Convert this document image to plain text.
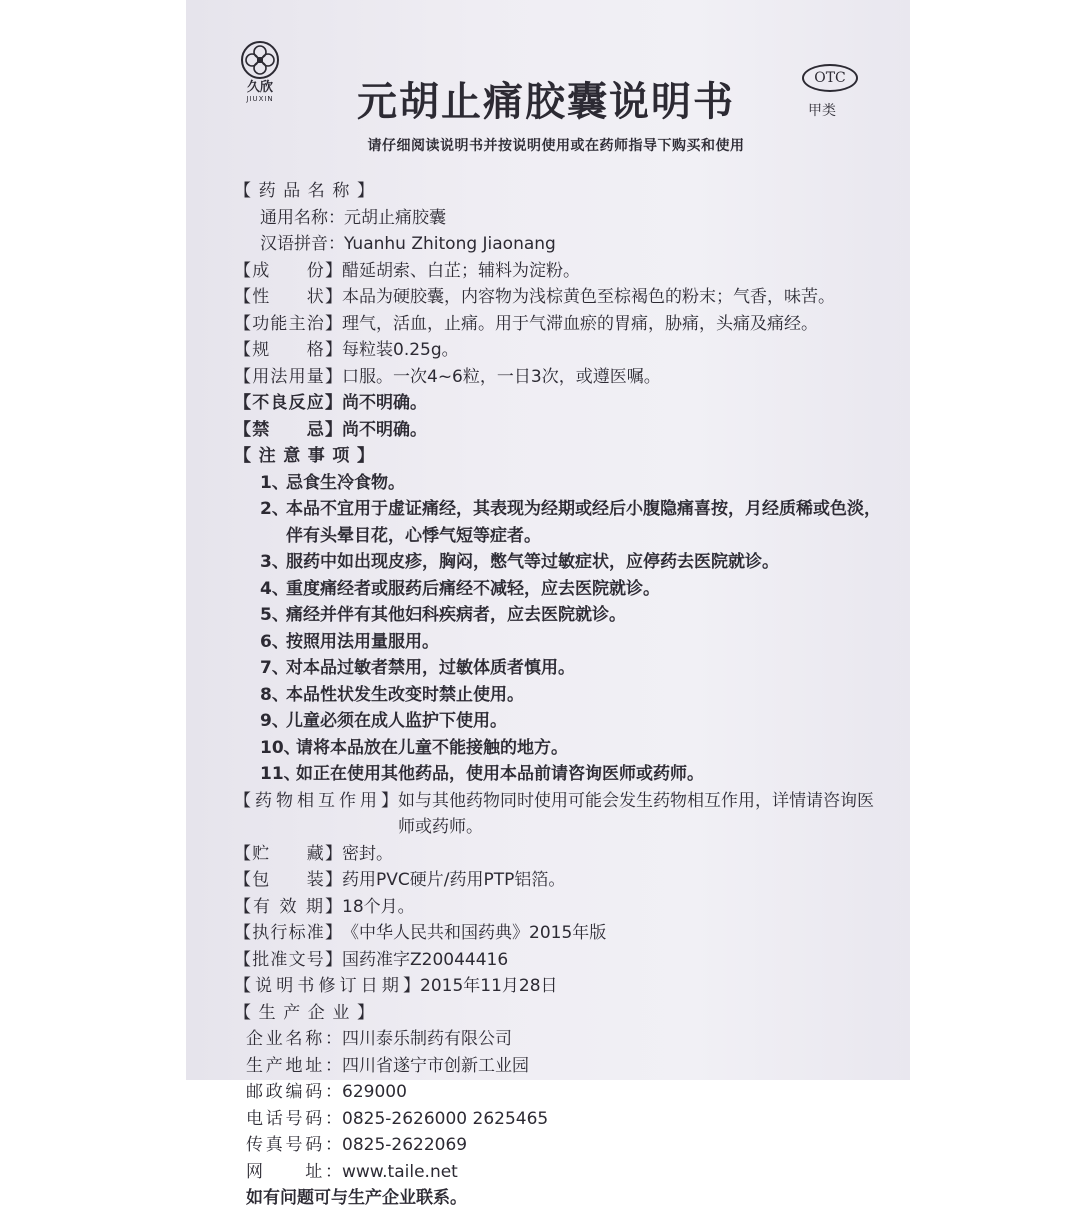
久欣
JIUXIN	元胡止痛胶囊说明书	OTC
甲类
请仔细阅读说明书并按说明使用或在药师指导下购买和使用
【药品名称】
通用名称： 元胡止痛胶囊
汉语拼音： Yuanhu Zhitong Jiaonang
【成　　份】 醋延胡索、白芷；辅料为淀粉。
【性　　状】 本品为硬胶囊，内容物为浅棕黄色至棕褐色的粉末；气香，味苦。
【功能主治】 理气，活血，止痛。用于气滞血瘀的胃痛，胁痛，头痛及痛经。
【规　　格】 每粒装0.25g。
【用法用量】 口服。一次4~6粒，一日3次，或遵医嘱。
【不良反应】 尚不明确。
【禁　　忌】 尚不明确。
【注意事项】
1、
忌食生冷食物。
2、
本品不宜用于虚证痛经，其表现为经期或经后小腹隐痛喜按，月经质稀或色淡，伴有头晕目花，心悸气短等症者。
3、
服药中如出现皮疹，胸闷，憋气等过敏症状，应停药去医院就诊。
4、
重度痛经者或服药后痛经不减轻，应去医院就诊。
5、
痛经并伴有其他妇科疾病者，应去医院就诊。
6、
按照用法用量服用。
7、
对本品过敏者禁用，过敏体质者慎用。
8、
本品性状发生改变时禁止使用。
9、
儿童必须在成人监护下使用。
10、
请将本品放在儿童不能接触的地方。
11、
如正在使用其他药品，使用本品前请咨询医师或药师。
【药物相互作用】 如与其他药物同时使用可能会发生药物相互作用，详情请咨询医师或药师。
【贮　　藏】 密封。
【包　　装】 药用PVC硬片/药用PTP铝箔。
【有 效 期】 18个月。
【执行标准】 《中华人民共和国药典》2015年版
【批准文号】 国药准字Z20044416
【说明书修订日期】 2015年11月28日
【生产企业】
企业名称： 四川泰乐制药有限公司
生产地址： 四川省遂宁市创新工业园
邮政编码： 629000
电话号码： 0825-2626000 2625465
传真号码： 0825-2622069
网　　址： www.taile.net
如有问题可与生产企业联系。
